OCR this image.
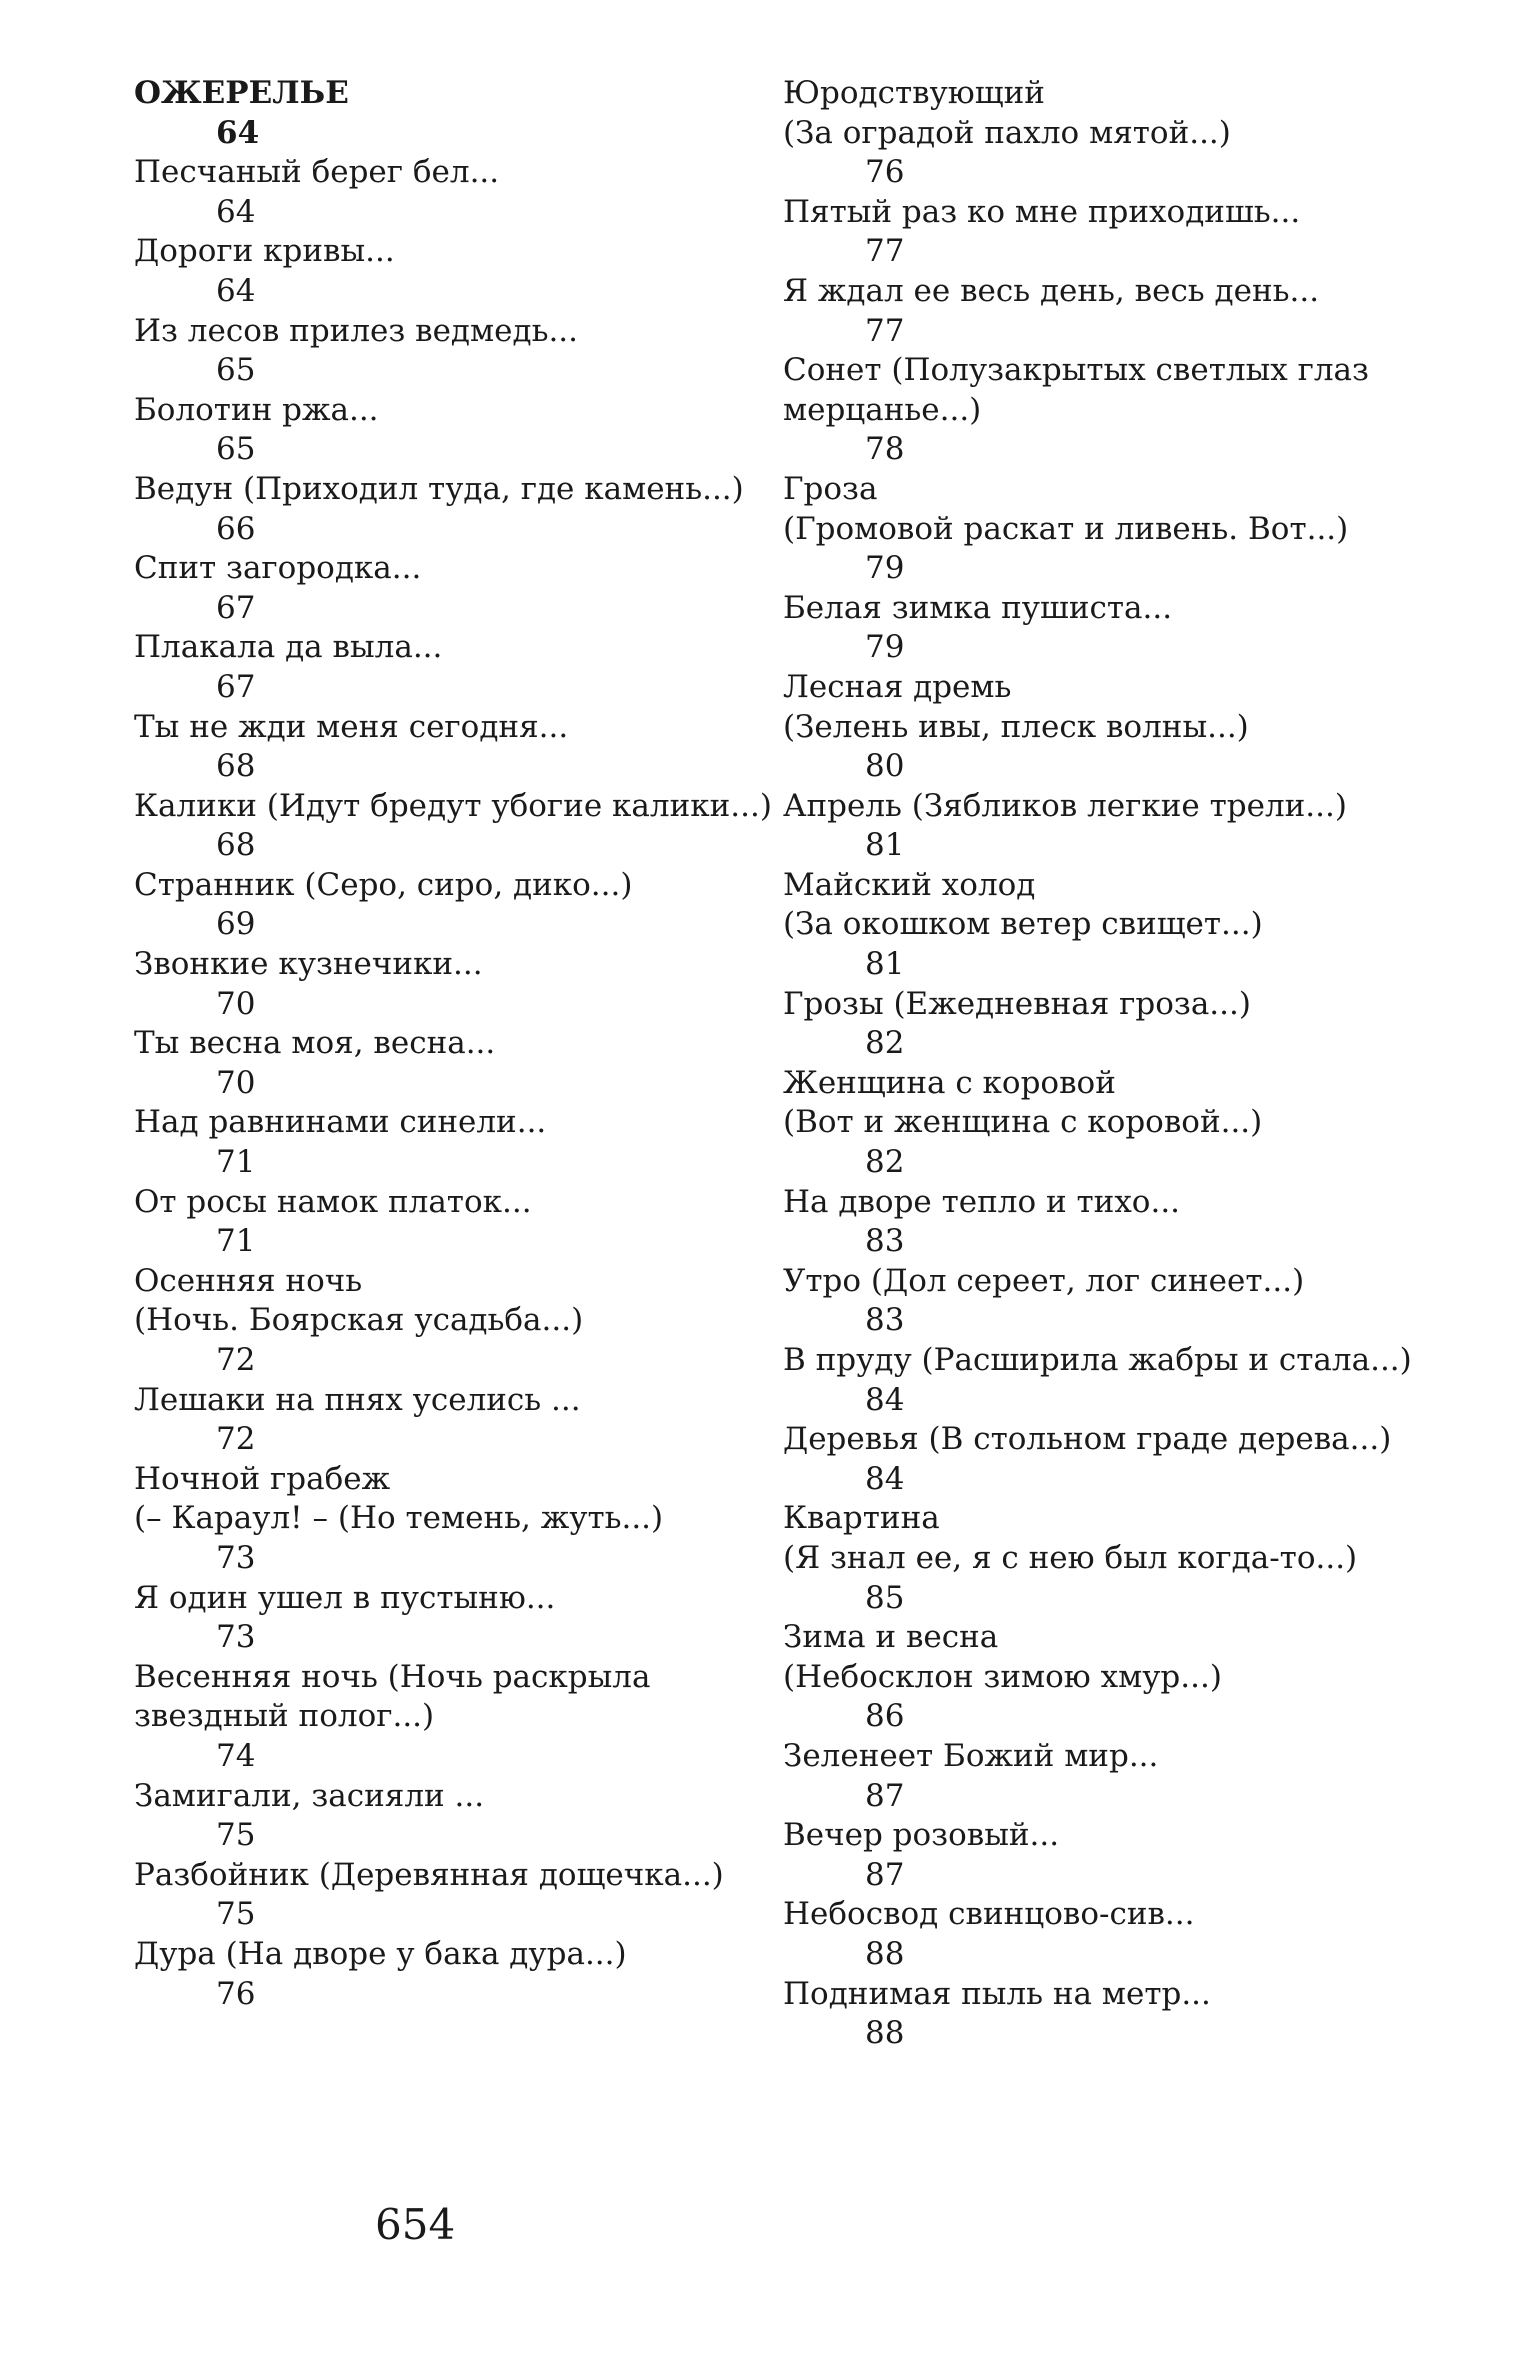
ОЖЕРЕЛЬЕ
64
Песчаный берег бел...
64
Дороги кривы...
64
Из лесов прилез ведмедь...
65
Болотин ржа...
65
Ведун (Приходил туда, где камень...)
66
Спит загородка...
67
Плакала да выла...
67
Ты не жди меня сегодня...
68
Калики (Идут бредут убогие калики...)
68
Странник (Серо, сиро, дико...)
69
Звонкие кузнечики...
70
Ты весна моя, весна...
70
Над равнинами синели...
71
От росы намок платок...
71
Осенняя ночь
(Ночь. Боярская усадьба...)
72
Лешаки на пнях уселись ...
72
Ночной грабеж
(– Караул! – (Но темень, жуть...)
73
Я один ушел в пустыню...
73
Весенняя ночь (Ночь раскрыла
звездный полог...)
74
Замигали, засияли ...
75
Разбойник (Деревянная дощечка...)
75
Дура (На дворе у бака дура...)
76
Юродствующий
(За оградой пахло мятой...)
76
Пятый раз ко мне приходишь...
77
Я ждал ее весь день, весь день...
77
Сонет (Полузакрытых светлых глаз
мерцанье...)
78
Гроза
(Громовой раскат и ливень. Вот...)
79
Белая зимка пушиста...
79
Лесная дремь
(Зелень ивы, плеск волны...)
80
Апрель (Зябликов легкие трели...)
81
Майский холод
(За окошком ветер свищет...)
81
Грозы (Ежедневная гроза...)
82
Женщина с коровой
(Вот и женщина с коровой...)
82
На дворе тепло и тихо...
83
Утро (Дол сереет, лог синеет...)
83
В пруду (Расширила жабры и стала...)
84
Деревья (В стольном граде дерева...)
84
Квартина
(Я знал ее, я с нею был когда-то...)
85
Зима и весна
(Небосклон зимою хмур...)
86
Зеленеет Божий мир...
87
Вечер розовый...
87
Небосвод свинцово-сив...
88
Поднимая пыль на метр...
88
654
